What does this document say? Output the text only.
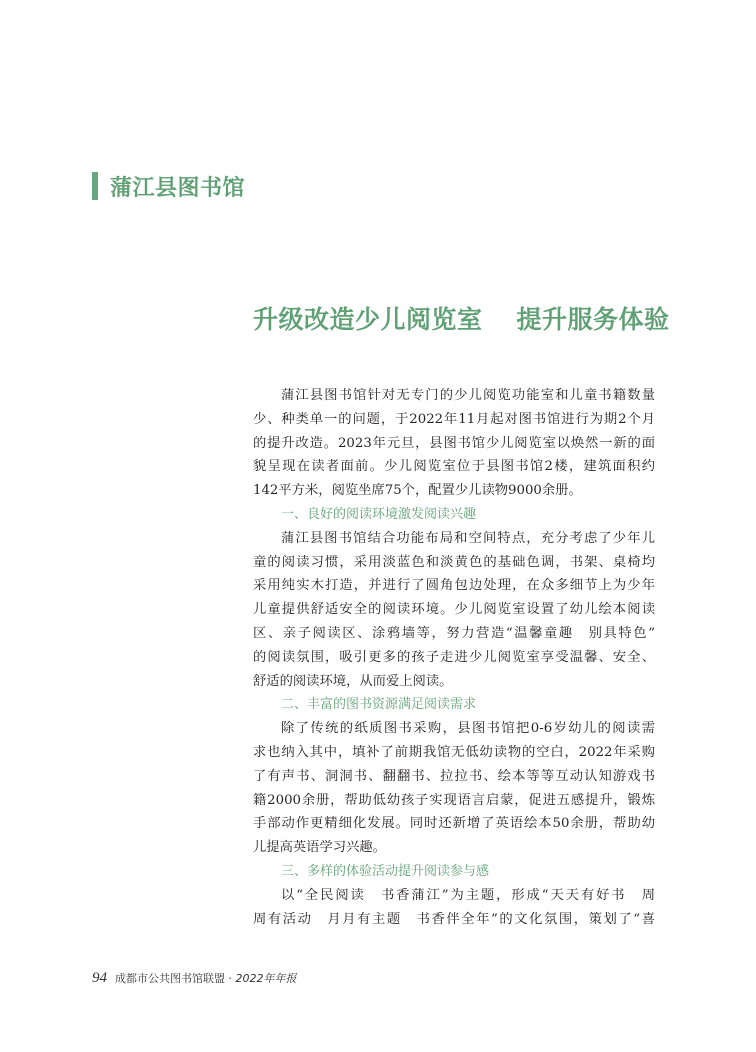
蒲江县图书馆
升级改造少儿阅览室 提升服务体验
蒲江县图书馆针对无专门的少儿阅览功能室和儿童书籍数量
少、种类单一的问题，于2022年11月起对图书馆进行为期2个月
的提升改造。2023年元旦，县图书馆少儿阅览室以焕然一新的面
貌呈现在读者面前。少儿阅览室位于县图书馆2楼，建筑面积约
142平方米，阅览坐席75个，配置少儿读物9000余册。
一、良好的阅读环境激发阅读兴趣
蒲江县图书馆结合功能布局和空间特点，充分考虑了少年儿
童的阅读习惯，采用淡蓝色和淡黄色的基础色调，书架、桌椅均
采用纯实木打造，并进行了圆角包边处理，在众多细节上为少年
儿童提供舒适安全的阅读环境。少儿阅览室设置了幼儿绘本阅读
区、亲子阅读区、涂鸦墙等，努力营造“温馨童趣　别具特色”
的阅读氛围，吸引更多的孩子走进少儿阅览室享受温馨、安全、
舒适的阅读环境，从而爱上阅读。
二、丰富的图书资源满足阅读需求
除了传统的纸质图书采购，县图书馆把0-6岁幼儿的阅读需
求也纳入其中，填补了前期我馆无低幼读物的空白，2022年采购
了有声书、洞洞书、翻翻书、拉拉书、绘本等等互动认知游戏书
籍2000余册，帮助低幼孩子实现语言启蒙，促进五感提升，锻炼
手部动作更精细化发展。同时还新增了英语绘本50余册，帮助幼
儿提高英语学习兴趣。
三、多样的体验活动提升阅读参与感
以“全民阅读　书香蒲江”为主题，形成“天天有好书　周
周有活动　月月有主题　书香伴全年”的文化氛围，策划了“喜
94 成都市公共图书馆联盟 · 2022年年报
